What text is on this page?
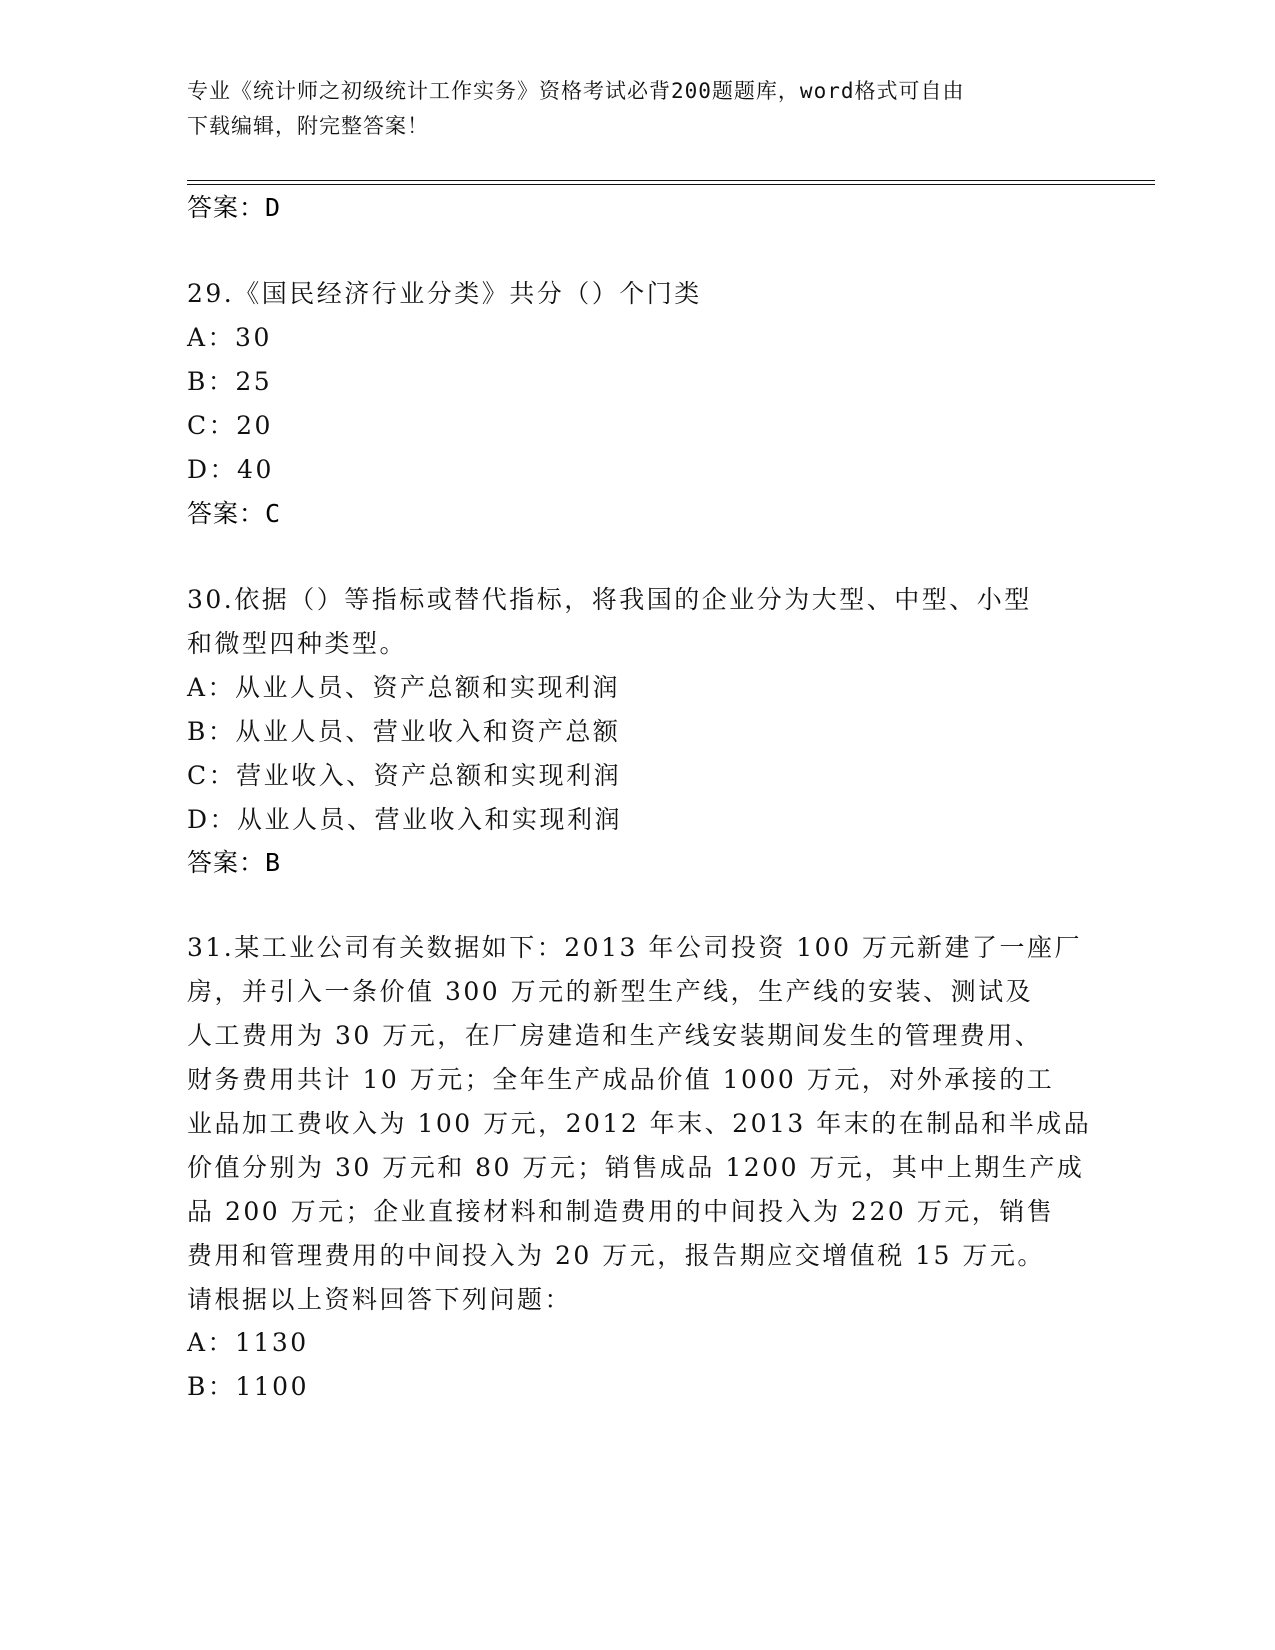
专业《统计师之初级统计工作实务》资格考试必背200题题库，word格式可自由
下载编辑，附完整答案！
答案：D
29.《国民经济行业分类》共分（）个门类
A：30
B：25
C：20
D：40
答案：C
30.依据（）等指标或替代指标，将我国的企业分为大型、中型、小型
和微型四种类型。
A：从业人员、资产总额和实现利润
B：从业人员、营业收入和资产总额
C：营业收入、资产总额和实现利润
D：从业人员、营业收入和实现利润
答案：B
31.某工业公司有关数据如下：2013 年公司投资 100 万元新建了一座厂
房，并引入一条价值 300 万元的新型生产线，生产线的安装、测试及
人工费用为 30 万元，在厂房建造和生产线安装期间发生的管理费用、
财务费用共计 10 万元；全年生产成品价值 1000 万元，对外承接的工
业品加工费收入为 100 万元，2012 年末、2013 年末的在制品和半成品
价值分别为 30 万元和 80 万元；销售成品 1200 万元，其中上期生产成
品 200 万元；企业直接材料和制造费用的中间投入为 220 万元，销售
费用和管理费用的中间投入为 20 万元，报告期应交增值税 15 万元。
请根据以上资料回答下列问题：
A：1130
B：1100
